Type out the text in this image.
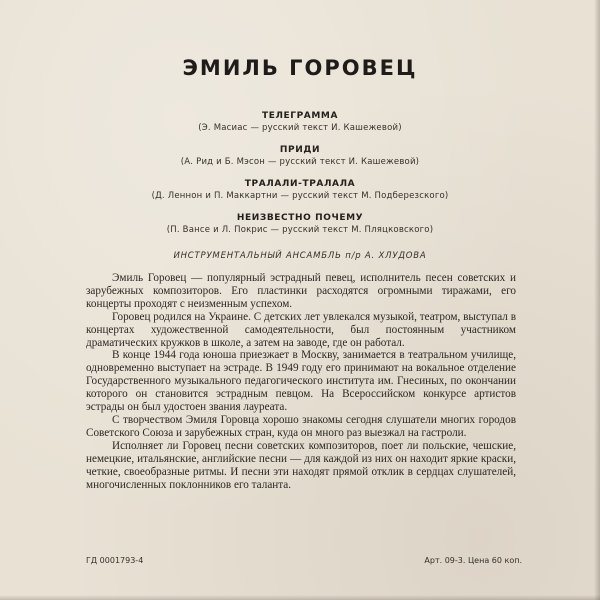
ЭМИЛЬ ГОРОВЕЦ
ТЕЛЕГРАММА
(Э. Масиас — русский текст И. Кашежевой)
ПРИДИ
(А. Рид и Б. Мэсон — русский текст И. Кашежевой)
ТРАЛАЛИ-ТРАЛАЛА
(Д. Леннон и П. Маккартни — русский текст М. Подберезского)
НЕИЗВЕСТНО ПОЧЕМУ
(П. Вансе и Л. Покрис — русский текст М. Пляцковского)
ИНСТРУМЕНТАЛЬНЫЙ АНСАМБЛЬ п/р А. ХЛУДОВА

Эмиль Горовец — популярный эстрадный певец, исполнитель песен советских и зарубежных композиторов. Его пластинки расходятся огромными тиражами, его концерты проходят с неизменным успехом.

Горовец родился на Украине. С детских лет увлекался музыкой, театром, выступал в концертах художественной самодеятельности, был постоянным участником драматических кружков в школе, а затем на заводе, где он работал.

В конце 1944 года юноша приезжает в Москву, занимается в театральном училище, одновременно выступает на эстраде. В 1949 году его принимают на вокальное отделение Государственного музыкального педагогического института им. Гнесиных, по окончании которого он становится эстрадным певцом. На Всероссийском конкурсе артистов эстрады он был удостоен звания лауреата.

С творчеством Эмиля Горовца хорошо знакомы сегодня слушатели многих городов Советского Союза и зарубежных стран, куда он много раз выезжал на гастроли.

Исполняет ли Горовец песни советских композиторов, поет ли польские, чешские, немецкие, итальянские, английские песни — для каждой из них он находит яркие краски, четкие, своеобразные ритмы. И песни эти находят прямой отклик в сердцах слушателей, многочисленных поклонников его таланта.

ГД 0001793-4	Арт. 09-3. Цена 60 коп.
